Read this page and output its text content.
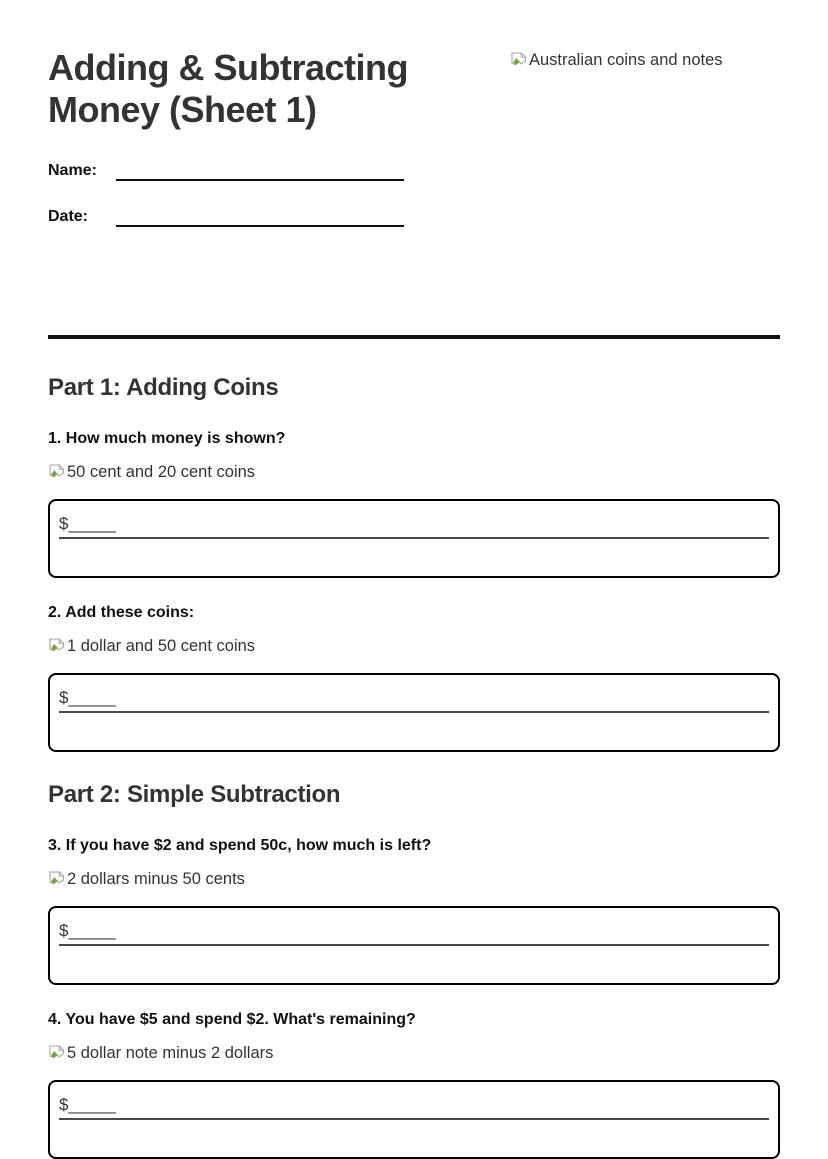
Australian coins and notes
Adding & Subtracting Money (Sheet 1)
Name:
Date:
Part 1: Adding Coins

1. How much money is shown?

50 cent and 20 cent coins

$_____

2. Add these coins:

1 dollar and 50 cent coins

$_____

Part 2: Simple Subtraction

3. If you have $2 and spend 50c, how much is left?

2 dollars minus 50 cents

$_____

4. You have $5 and spend $2. What's remaining?

5 dollar note minus 2 dollars

$_____
